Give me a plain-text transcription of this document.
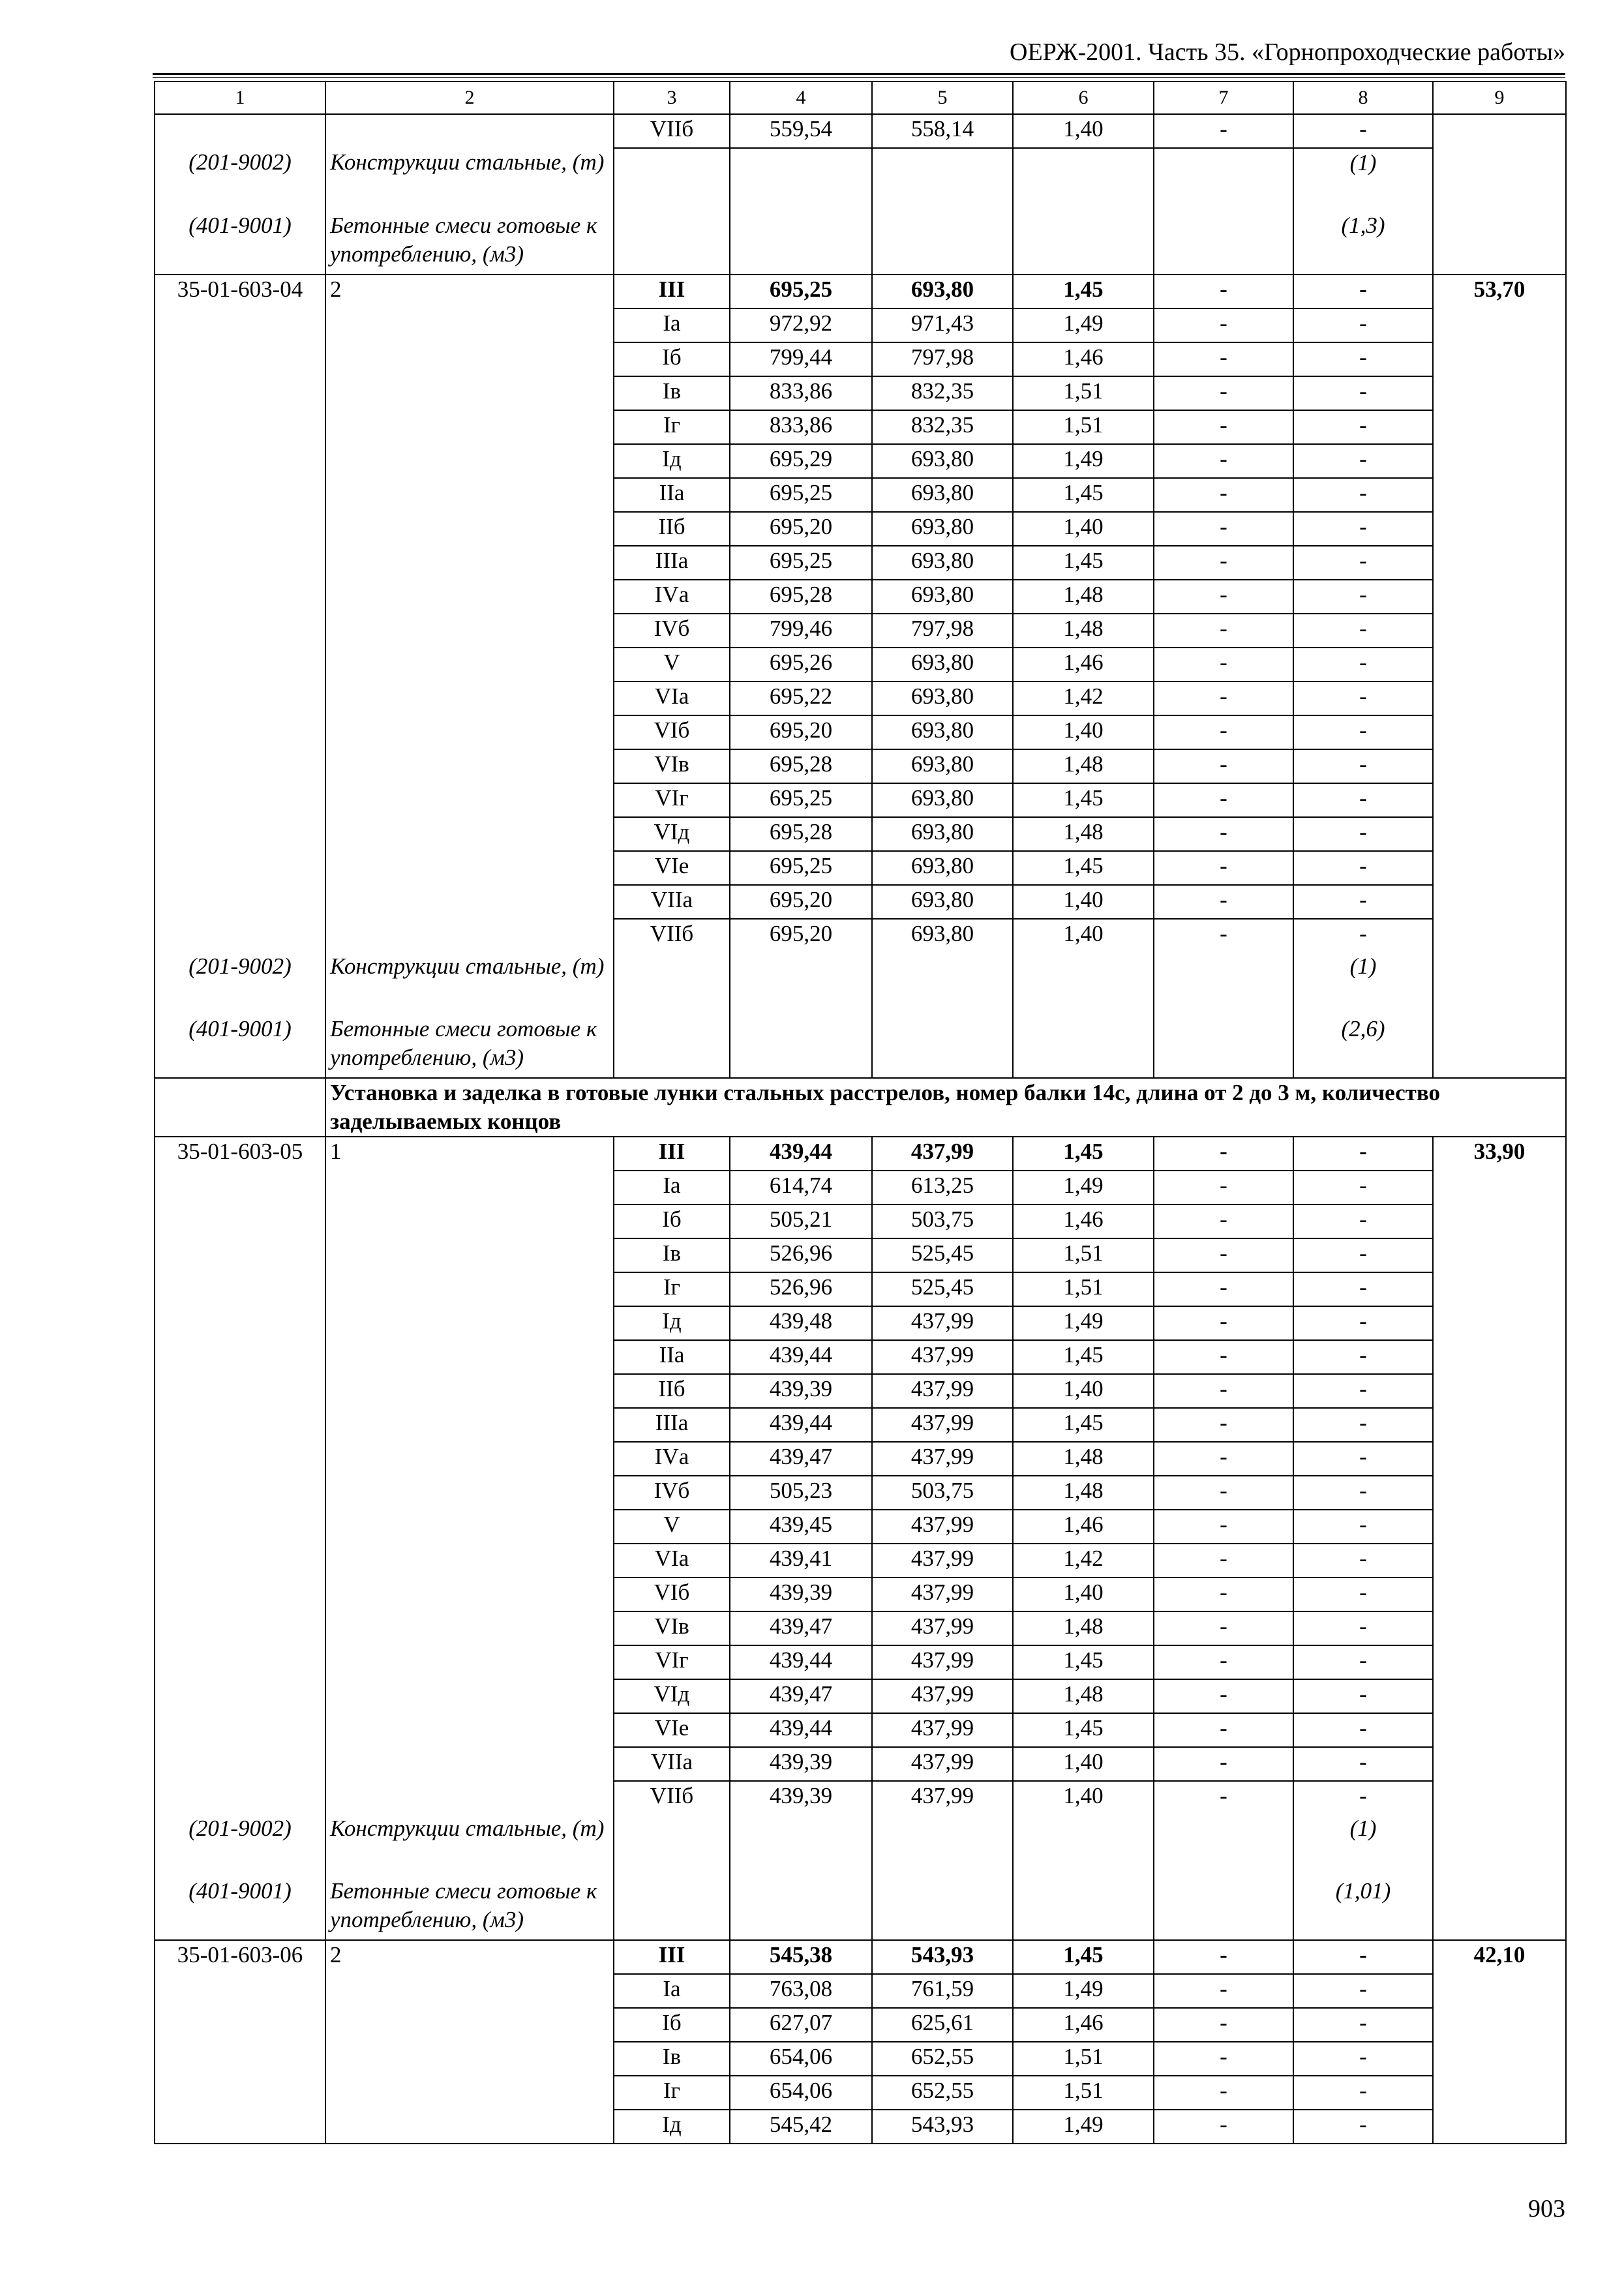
ОЕРЖ-2001. Часть 35. «Горнопроходческие работы»
1	2	3	4	5	6	7	8	9
		VIIб	559,54	558,14	1,40	-	-	
(201-9002)	Конструкции стальные, (т)						(1)	
(401-9001)	Бетонные смеси готовые к употреблению, (м3)						(1,3)	
35-01-603-04	2	III	695,25	693,80	1,45	-	-	53,70
		Iа	972,92	971,43	1,49	-	-	
		Iб	799,44	797,98	1,46	-	-	
		Iв	833,86	832,35	1,51	-	-	
		Iг	833,86	832,35	1,51	-	-	
		Iд	695,29	693,80	1,49	-	-	
		IIа	695,25	693,80	1,45	-	-	
		IIб	695,20	693,80	1,40	-	-	
		IIIа	695,25	693,80	1,45	-	-	
		IVа	695,28	693,80	1,48	-	-	
		IVб	799,46	797,98	1,48	-	-	
		V	695,26	693,80	1,46	-	-	
		VIа	695,22	693,80	1,42	-	-	
		VIб	695,20	693,80	1,40	-	-	
		VIв	695,28	693,80	1,48	-	-	
		VIг	695,25	693,80	1,45	-	-	
		VIд	695,28	693,80	1,48	-	-	
		VIе	695,25	693,80	1,45	-	-	
		VIIа	695,20	693,80	1,40	-	-	
		VIIб	695,20	693,80	1,40	-	-	
(201-9002)	Конструкции стальные, (т)						(1)	
(401-9001)	Бетонные смеси готовые к употреблению, (м3)						(2,6)	
	Установка и заделка в готовые лунки стальных расстрелов, номер балки 14с, длина от 2 до 3 м, количество заделываемых концов							
35-01-603-05	1	III	439,44	437,99	1,45	-	-	33,90
		Iа	614,74	613,25	1,49	-	-	
		Iб	505,21	503,75	1,46	-	-	
		Iв	526,96	525,45	1,51	-	-	
		Iг	526,96	525,45	1,51	-	-	
		Iд	439,48	437,99	1,49	-	-	
		IIа	439,44	437,99	1,45	-	-	
		IIб	439,39	437,99	1,40	-	-	
		IIIа	439,44	437,99	1,45	-	-	
		IVа	439,47	437,99	1,48	-	-	
		IVб	505,23	503,75	1,48	-	-	
		V	439,45	437,99	1,46	-	-	
		VIа	439,41	437,99	1,42	-	-	
		VIб	439,39	437,99	1,40	-	-	
		VIв	439,47	437,99	1,48	-	-	
		VIг	439,44	437,99	1,45	-	-	
		VIд	439,47	437,99	1,48	-	-	
		VIе	439,44	437,99	1,45	-	-	
		VIIа	439,39	437,99	1,40	-	-	
		VIIб	439,39	437,99	1,40	-	-	
(201-9002)	Конструкции стальные, (т)						(1)	
(401-9001)	Бетонные смеси готовые к употреблению, (м3)						(1,01)	
35-01-603-06	2	III	545,38	543,93	1,45	-	-	42,10
		Iа	763,08	761,59	1,49	-	-	
		Iб	627,07	625,61	1,46	-	-	
		Iв	654,06	652,55	1,51	-	-	
		Iг	654,06	652,55	1,51	-	-	
		Iд	545,42	543,93	1,49	-	-	
903
